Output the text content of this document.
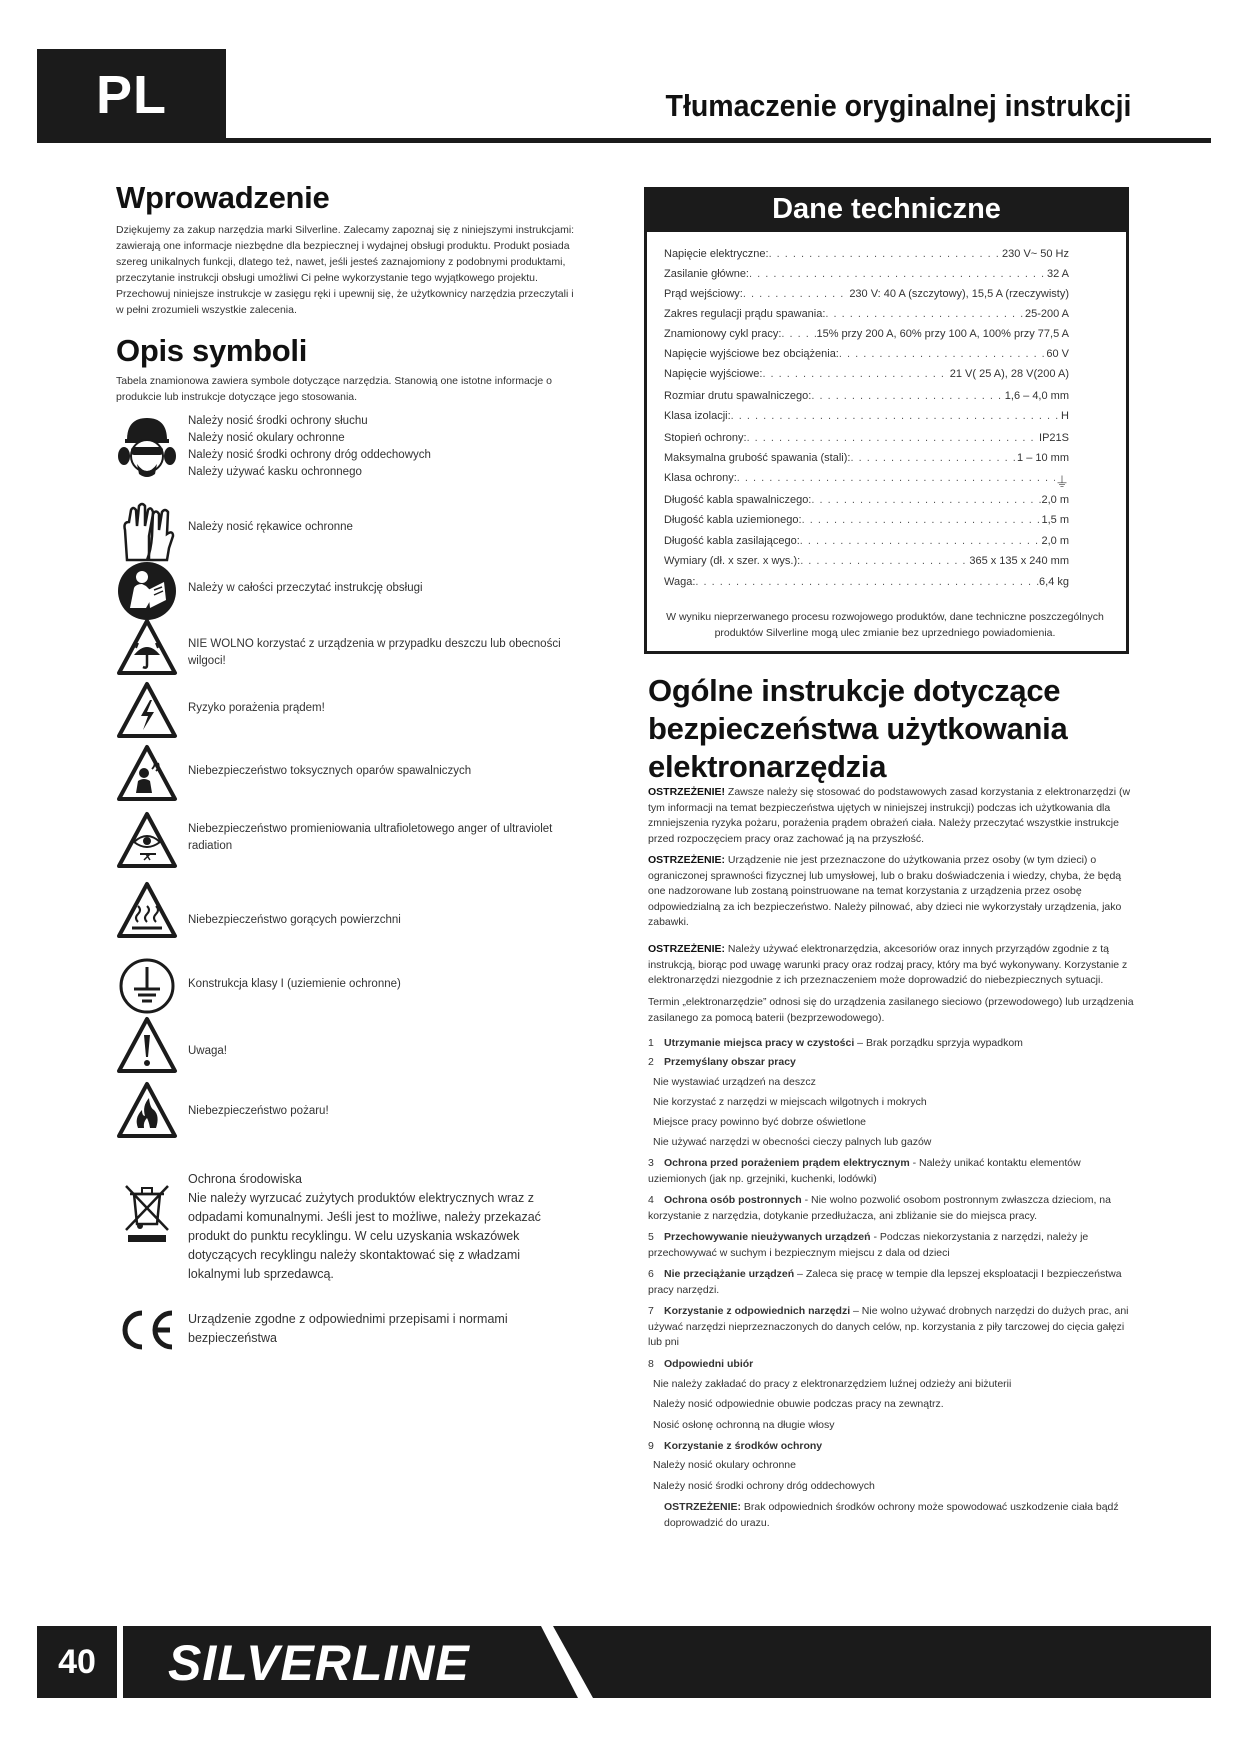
PL	Tłumaczenie oryginalnej instrukcji
Wprowadzenie
Dziękujemy za zakup narzędzia marki Silverline. Zalecamy zapoznaj się z niniejszymi instrukcjami: zawierają one informacje niezbędne dla bezpiecznej i wydajnej obsługi produktu. Produkt posiada szereg unikalnych funkcji, dlatego też, nawet, jeśli jesteś zaznajomiony z podobnymi produktami, przeczytanie instrukcji obsługi umożliwi Ci pełne wykorzystanie tego wyjątkowego projektu. Przechowuj niniejsze instrukcje w zasięgu ręki i upewnij się, że użytkownicy narzędzia przeczytali i w pełni zrozumieli wszystkie zalecenia.
Opis symboli
Tabela znamionowa zawiera symbole dotyczące narzędzia. Stanowią one istotne informacje o produkcie lub instrukcje dotyczące jego stosowania.
Należy nosić środki ochrony słuchu
Należy nosić okulary ochronne
Należy nosić środki ochrony dróg oddechowych
Należy używać kasku ochronnego
Należy nosić rękawice ochronne
Należy w całości przeczytać instrukcję obsługi
NIE WOLNO korzystać z urządzenia w przypadku deszczu lub obecności wilgoci!
Ryzyko porażenia prądem!
Niebezpieczeństwo toksycznych oparów spawalniczych
Niebezpieczeństwo promieniowania ultrafioletowego anger of ultraviolet radiation
Niebezpieczeństwo gorących powierzchni
Konstrukcja klasy I (uziemienie ochronne)
Uwaga!
Niebezpieczeństwo pożaru!
Ochrona środowiska
Nie należy wyrzucać zużytych produktów elektrycznych wraz z odpadami komunalnymi. Jeśli jest to możliwe, należy przekazać produkt do punktu recyklingu. W celu uzyskania wskazówek dotyczących recyklingu należy skontaktować się z władzami lokalnymi lub sprzedawcą.
Urządzenie zgodne z odpowiednimi przepisami i normami bezpieczeństwa
Dane techniczne
Napięcie elektryczne: . . .	230 V~ 50 Hz
Zasilanie główne: . . .	32 A
Prąd wejściowy: . . .	230 V: 40 A (szczytowy), 15,5 A (rzeczywisty)
Zakres regulacji prądu spawania: . . .	25-200 A
Znamionowy cykl pracy: . . .	15% przy 200 A, 60% przy 100 A, 100% przy 77,5 A
Napięcie wyjściowe bez obciążenia: . . .	60 V
Napięcie wyjściowe: . . .	21 V( 25 A), 28 V(200 A)
Rozmiar drutu spawalniczego: . . .	1,6 – 4,0 mm
Klasa izolacji: . . .	H
Stopień ochrony: . . .	IP21S
Maksymalna grubość spawania (stali): . . .	1 – 10 mm
Klasa ochrony: . . .	⏚
Długość kabla spawalniczego: . . .	2,0 m
Długość kabla uziemionego: . . .	1,5 m
Długość kabla zasilającego: . . .	2,0 m
Wymiary (dł. x szer. x wys.): . . .	365 x 135 x 240 mm
Waga: . . .	6,4 kg
W wyniku nieprzerwanego procesu rozwojowego produktów, dane techniczne poszczególnych produktów Silverline mogą ulec zmianie bez uprzedniego powiadomienia.
Ogólne instrukcje dotyczące bezpieczeństwa użytkowania elektronarzędzia
OSTRZEŻENIE! Zawsze należy się stosować do podstawowych zasad korzystania z elektronarzędzi (w tym informacji na temat bezpieczeństwa ujętych w niniejszej instrukcji) podczas ich użytkowania dla zmniejszenia ryzyka pożaru, porażenia prądem obrażeń ciała. Należy przeczytać wszystkie instrukcje przed rozpoczęciem pracy oraz zachować ją na przyszłość.
OSTRZEŻENIE: Urządzenie nie jest przeznaczone do użytkowania przez osoby (w tym dzieci) o ograniczonej sprawności fizycznej lub umysłowej, lub o braku doświadczenia i wiedzy, chyba, że będą one nadzorowane lub zostaną poinstruowane na temat korzystania z urządzenia przez osobę odpowiedzialną za ich bezpieczeństwo. Należy pilnować, aby dzieci nie wykorzystały urządzenia, jako zabawki.
OSTRZEŻENIE: Należy używać elektronarzędzia, akcesoriów oraz innych przyrządów zgodnie z tą instrukcją, biorąc pod uwagę warunki pracy oraz rodzaj pracy, który ma być wykonywany. Korzystanie z elektronarzędzi niezgodnie z ich przeznaczeniem może doprowadzić do niebezpiecznych sytuacji.
Termin „elektronarzędzie” odnosi się do urządzenia zasilanego sieciowo (przewodowego) lub urządzenia zasilanego za pomocą baterii (bezprzewodowego).
1 Utrzymanie miejsca pracy w czystości – Brak porządku sprzyja wypadkom
2 Przemyślany obszar pracy
Nie wystawiać urządzeń na deszcz
Nie korzystać z narzędzi w miejscach wilgotnych i mokrych
Miejsce pracy powinno być dobrze oświetlone
Nie używać narzędzi w obecności cieczy palnych lub gazów
3 Ochrona przed porażeniem prądem elektrycznym - Należy unikać kontaktu elementów uziemionych (jak np. grzejniki, kuchenki, lodówki)
4 Ochrona osób postronnych - Nie wolno pozwolić osobom postronnym zwłaszcza dzieciom, na korzystanie z narzędzia, dotykanie przedłużacza, ani zbliżanie sie do miejsca pracy.
5 Przechowywanie nieużywanych urządzeń - Podczas niekorzystania z narzędzi, należy je przechowywać w suchym i bezpiecznym miejscu z dala od dzieci
6 Nie przeciążanie urządzeń – Zaleca się pracę w tempie dla lepszej eksploatacji I bezpieczeństwa pracy narzędzi.
7 Korzystanie z odpowiednich narzędzi – Nie wolno używać drobnych narzędzi do dużych prac, ani używać narzędzi nieprzeznaczonych do danych celów, np. korzystania z piły tarczowej do cięcia gałęzi lub pni
8 Odpowiedni ubiór
Nie należy zakładać do pracy z elektronarzędziem luźnej odzieży ani biżuterii
Należy nosić odpowiednie obuwie podczas pracy na zewnątrz.
Nosić osłonę ochronną na długie włosy
9 Korzystanie z środków ochrony
Należy nosić okulary ochronne
Należy nosić środki ochrony dróg oddechowych
OSTRZEŻENIE: Brak odpowiednich środków ochrony może spowodować uszkodzenie ciała bądź doprowadzić do urazu.
40	SILVERLINE
